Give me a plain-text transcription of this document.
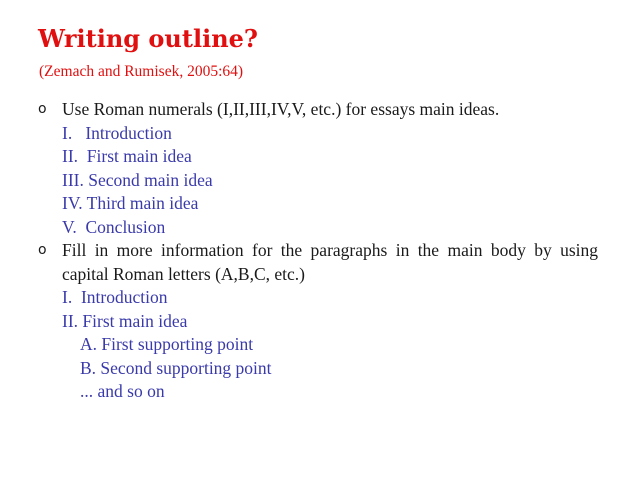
Writing outline?
(Zemach and Rumisek, 2005:64)
o Use Roman numerals (I,II,III,IV,V, etc.) for essays main ideas.
I.   Introduction
II.  First main idea
III. Second main idea
IV. Third main idea
V.  Conclusion
o Fill in more information for the paragraphs in the main body by using capital Roman letters (A,B,C, etc.)
I.  Introduction
II. First main idea
A. First supporting point
B. Second supporting point
... and so on
